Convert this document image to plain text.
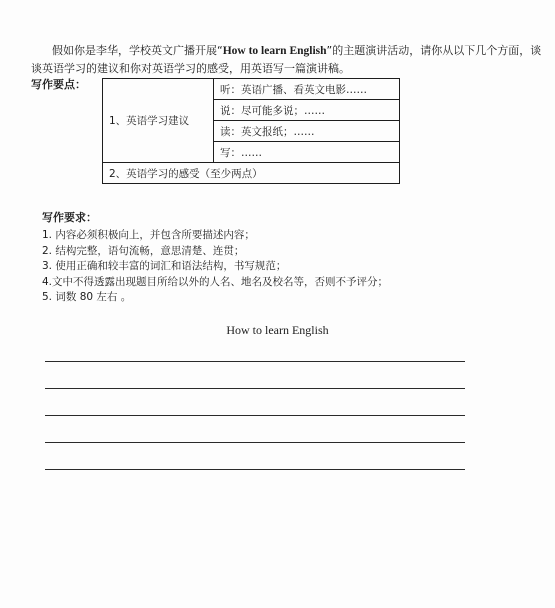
假如你是李华，学校英文广播开展“How to learn English”的主题演讲活动，请你从以下几个方面，谈谈英语学习的建议和你对英语学习的感受，用英语写一篇演讲稿。
写作要点：
1、英语学习建议	听：英语广播、看英文电影……
说：尽可能多说；……
读：英文报纸；……
写：……
2、英语学习的感受（至少两点）
写作要求：
1. 内容必须积极向上，并包含所要描述内容；
2. 结构完整，语句流畅，意思清楚、连贯；
3. 使用正确和较丰富的词汇和语法结构，书写规范；
4.文中不得透露出现题目所给以外的人名、地名及校名等，否则不予评分；
5. 词数 80 左右 。
How to learn English
